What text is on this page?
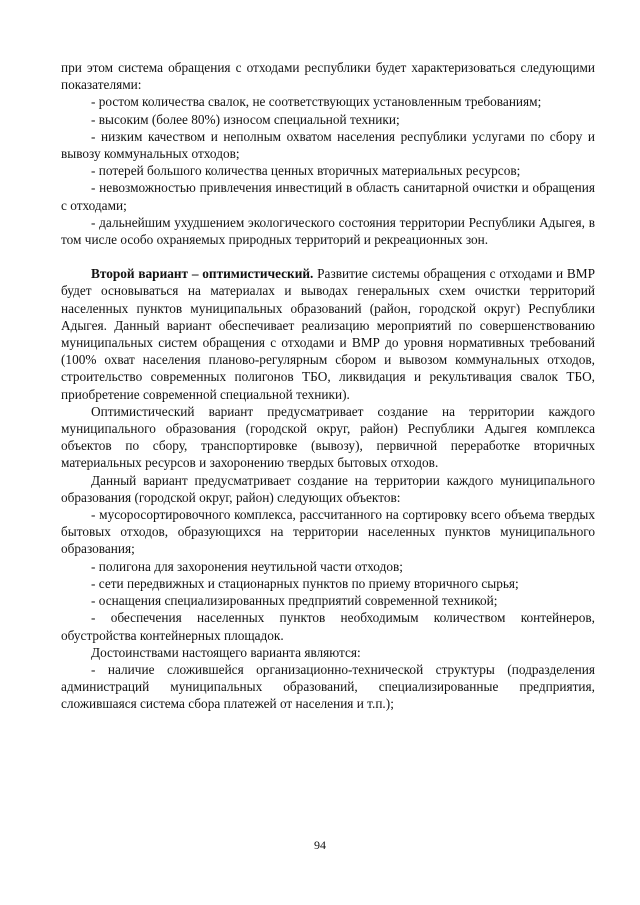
при этом система обращения с отходами республики будет характеризоваться следующими показателями:

- ростом количества свалок, не соответствующих установленным требованиям;

- высоким (более 80%) износом специальной техники;

- низким качеством и неполным охватом населения республики услугами по сбору и вывозу коммунальных отходов;

- потерей большого количества ценных вторичных материальных ресурсов;

- невозможностью привлечения инвестиций в область санитарной очистки и обращения с отходами;

- дальнейшим ухудшением экологического состояния территории Республики Адыгея, в том числе особо охраняемых природных территорий и рекреационных зон.

Второй вариант – оптимистический. Развитие системы обращения с отходами и ВМР будет основываться на материалах и выводах генеральных схем очистки территорий населенных пунктов муниципальных образований (район, городской округ) Республики Адыгея. Данный вариант обеспечивает реализацию мероприятий по совершенствованию муниципальных систем обращения с отходами и ВМР до уровня нормативных требований (100% охват населения планово-регулярным сбором и вывозом коммунальных отходов, строительство современных полигонов ТБО, ликвидация и рекультивация свалок ТБО, приобретение современной специальной техники).

Оптимистический вариант предусматривает создание на территории каждого муниципального образования (городской округ, район) Республики Адыгея комплекса объектов по сбору, транспортировке (вывозу), первичной переработке вторичных материальных ресурсов и захоронению твердых бытовых отходов.

Данный вариант предусматривает создание на территории каждого муниципального образования (городской округ, район) следующих объектов:

- мусоросортировочного комплекса, рассчитанного на сортировку всего объема твердых бытовых отходов, образующихся на территории населенных пунктов муниципального образования;

- полигона для захоронения неутильной части отходов;

- сети передвижных и стационарных пунктов по приему вторичного сырья;

- оснащения специализированных предприятий современной техникой;

- обеспечения населенных пунктов необходимым количеством контейнеров, обустройства контейнерных площадок.

Достоинствами настоящего варианта являются:

- наличие сложившейся организационно-технической структуры (подразделения администраций муниципальных образований, специализированные предприятия, сложившаяся система сбора платежей от населения и т.п.);

94
